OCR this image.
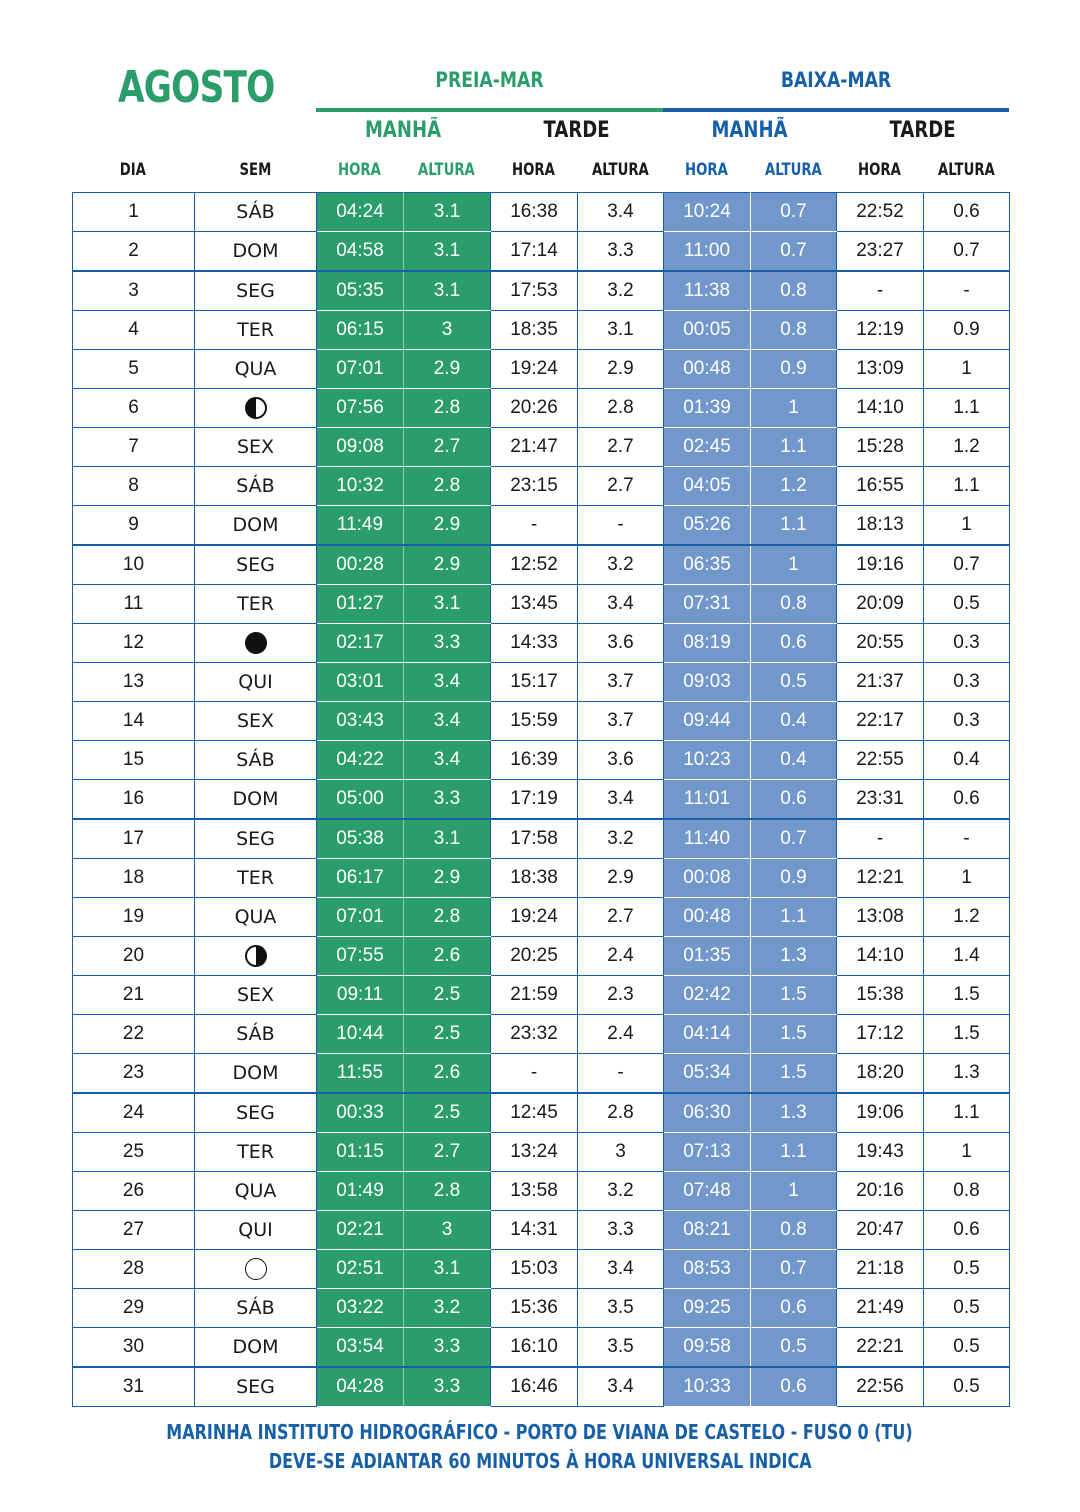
AGOSTO	PREIA-MAR	BAIXA-MAR
MANHÃ	TARDE	MANHÃ	TARDE
DIA	SEM	HORA	ALTURA	HORA	ALTURA	HORA	ALTURA	HORA	ALTURA
1	SÁB	04:24	3.1	16:38	3.4	10:24	0.7	22:52	0.6
2	DOM	04:58	3.1	17:14	3.3	11:00	0.7	23:27	0.7
3	SEG	05:35	3.1	17:53	3.2	11:38	0.8	-	-
4	TER	06:15	3	18:35	3.1	00:05	0.8	12:19	0.9
5	QUA	07:01	2.9	19:24	2.9	00:48	0.9	13:09	1
6		07:56	2.8	20:26	2.8	01:39	1	14:10	1.1
7	SEX	09:08	2.7	21:47	2.7	02:45	1.1	15:28	1.2
8	SÁB	10:32	2.8	23:15	2.7	04:05	1.2	16:55	1.1
9	DOM	11:49	2.9	-	-	05:26	1.1	18:13	1
10	SEG	00:28	2.9	12:52	3.2	06:35	1	19:16	0.7
11	TER	01:27	3.1	13:45	3.4	07:31	0.8	20:09	0.5
12		02:17	3.3	14:33	3.6	08:19	0.6	20:55	0.3
13	QUI	03:01	3.4	15:17	3.7	09:03	0.5	21:37	0.3
14	SEX	03:43	3.4	15:59	3.7	09:44	0.4	22:17	0.3
15	SÁB	04:22	3.4	16:39	3.6	10:23	0.4	22:55	0.4
16	DOM	05:00	3.3	17:19	3.4	11:01	0.6	23:31	0.6
17	SEG	05:38	3.1	17:58	3.2	11:40	0.7	-	-
18	TER	06:17	2.9	18:38	2.9	00:08	0.9	12:21	1
19	QUA	07:01	2.8	19:24	2.7	00:48	1.1	13:08	1.2
20		07:55	2.6	20:25	2.4	01:35	1.3	14:10	1.4
21	SEX	09:11	2.5	21:59	2.3	02:42	1.5	15:38	1.5
22	SÁB	10:44	2.5	23:32	2.4	04:14	1.5	17:12	1.5
23	DOM	11:55	2.6	-	-	05:34	1.5	18:20	1.3
24	SEG	00:33	2.5	12:45	2.8	06:30	1.3	19:06	1.1
25	TER	01:15	2.7	13:24	3	07:13	1.1	19:43	1
26	QUA	01:49	2.8	13:58	3.2	07:48	1	20:16	0.8
27	QUI	02:21	3	14:31	3.3	08:21	0.8	20:47	0.6
28		02:51	3.1	15:03	3.4	08:53	0.7	21:18	0.5
29	SÁB	03:22	3.2	15:36	3.5	09:25	0.6	21:49	0.5
30	DOM	03:54	3.3	16:10	3.5	09:58	0.5	22:21	0.5
31	SEG	04:28	3.3	16:46	3.4	10:33	0.6	22:56	0.5
MARINHA INSTITUTO HIDROGRÁFICO - PORTO DE VIANA DE CASTELO - FUSO 0 (TU)
DEVE-SE ADIANTAR 60 MINUTOS À HORA UNIVERSAL INDICA
